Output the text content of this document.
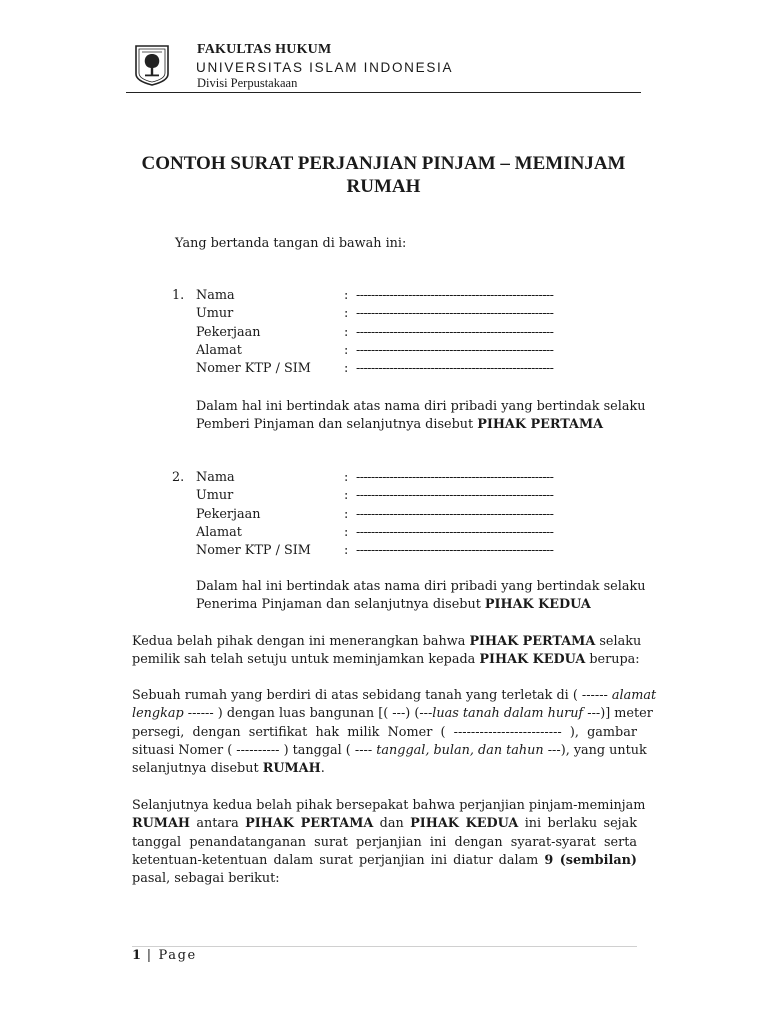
FAKULTAS HUKUM
UNIVERSITAS ISLAM INDONESIA
Divisi Perpustakaan
CONTOH SURAT PERJANJIAN PINJAM – MEMINJAM
RUMAH
Yang bertanda tangan di bawah ini:
1. Nama	: -----------------------------------------------------
Umur	: -----------------------------------------------------
Pekerjaan	: -----------------------------------------------------
Alamat	: -----------------------------------------------------
Nomer KTP / SIM	: -----------------------------------------------------
Dalam hal ini bertindak atas nama diri pribadi yang bertindak selaku
Pemberi Pinjaman dan selanjutnya disebut PIHAK PERTAMA
2. Nama	: -----------------------------------------------------
Umur	: -----------------------------------------------------
Pekerjaan	: -----------------------------------------------------
Alamat	: -----------------------------------------------------
Nomer KTP / SIM	: -----------------------------------------------------
Dalam hal ini bertindak atas nama diri pribadi yang bertindak selaku
Penerima Pinjaman dan selanjutnya disebut PIHAK KEDUA
Kedua belah pihak dengan ini menerangkan bahwa PIHAK PERTAMA selaku
pemilik sah telah setuju untuk meminjamkan kepada PIHAK KEDUA berupa:
Sebuah rumah yang berdiri di atas sebidang tanah yang terletak di ( ------ alamat
lengkap ------ ) dengan luas bangunan [( ---) (---luas tanah dalam huruf ---)] meter
persegi, dengan sertifikat hak milik Nomer ( ------------------------- ), gambar
situasi Nomer ( ---------- ) tanggal ( ---- tanggal, bulan, dan tahun ---), yang untuk
selanjutnya disebut RUMAH.
Selanjutnya kedua belah pihak bersepakat bahwa perjanjian pinjam-meminjam
RUMAH antara PIHAK PERTAMA dan PIHAK KEDUA ini berlaku sejak
tanggal penandatanganan surat perjanjian ini dengan syarat-syarat serta
ketentuan-ketentuan dalam surat perjanjian ini diatur dalam 9 (sembilan)
pasal, sebagai berikut:
1 | Page
